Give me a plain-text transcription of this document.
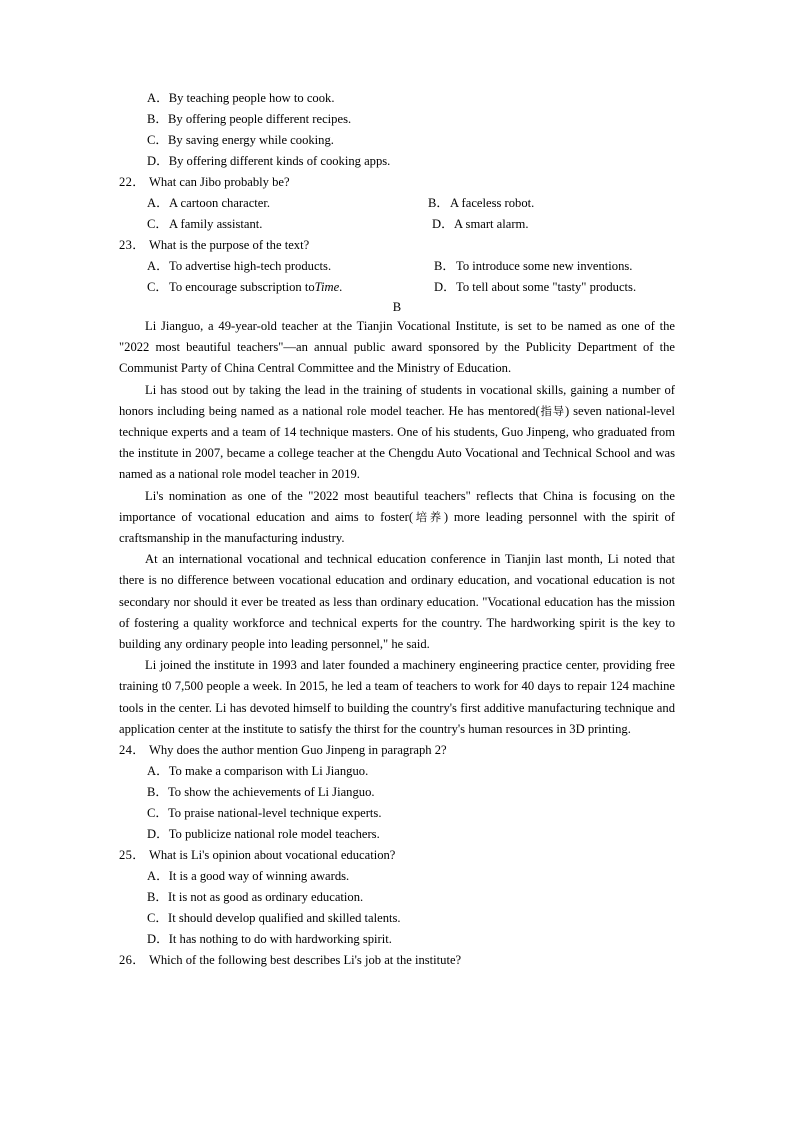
A．By teaching people how to cook.
B．By offering people different recipes.
C．By saving energy while cooking.
D．By offering different kinds of cooking apps.
22． What can Jibo probably be?
A． A cartoon character.	B． A faceless robot.
C． A family assistant.	D． A smart alarm.
23． What is the purpose of the text?
A． To advertise high-tech products.	B． To introduce some new inventions.
C． To encourage subscription to Time .	D． To tell about some "tasty" products.
B

Li Jianguo, a 49-year-old teacher at the Tianjin Vocational Institute, is set to be named as one of the "2022 most beautiful teachers"—an annual public award sponsored by the Publicity Department of the Communist Party of China Central Committee and the Ministry of Education.

Li has stood out by taking the lead in the training of students in vocational skills, gaining a number of honors including being named as a national role model teacher. He has mentored(指导) seven national-level technique experts and a team of 14 technique masters. One of his students, Guo Jinpeng, who graduated from the institute in 2007, became a college teacher at the Chengdu Auto Vocational and Technical School and was named as a national role model teacher in 2019.

Li's nomination as one of the "2022 most beautiful teachers" reflects that China is focusing on the importance of vocational education and aims to foster(培养) more leading personnel with the spirit of craftsmanship in the manufacturing industry.

At an international vocational and technical education conference in Tianjin last month, Li noted that there is no difference between vocational education and ordinary education, and vocational education is not secondary nor should it ever be treated as less than ordinary education. "Vocational education has the mission of fostering a quality workforce and technical experts for the country. The hardworking spirit is the key to building any ordinary people into leading personnel," he said.

Li joined the institute in 1993 and later founded a machinery engineering practice center, providing free training t0 7,500 people a week. In 2015, he led a team of teachers to work for 40 days to repair 124 machine tools in the center. Li has devoted himself to building the country's first additive manufacturing technique and application center at the institute to satisfy the thirst for the country's human resources in 3D printing.

24． Why does the author mention Guo Jinpeng in paragraph 2?
A．To make a comparison with Li Jianguo.
B．To show the achievements of Li Jianguo.
C．To praise national-level technique experts.
D．To publicize national role model teachers.
25． What is Li's opinion about vocational education?
A．It is a good way of winning awards.
B．It is not as good as ordinary education.
C．It should develop qualified and skilled talents.
D．It has nothing to do with hardworking spirit.
26． Which of the following best describes Li's job at the institute?
